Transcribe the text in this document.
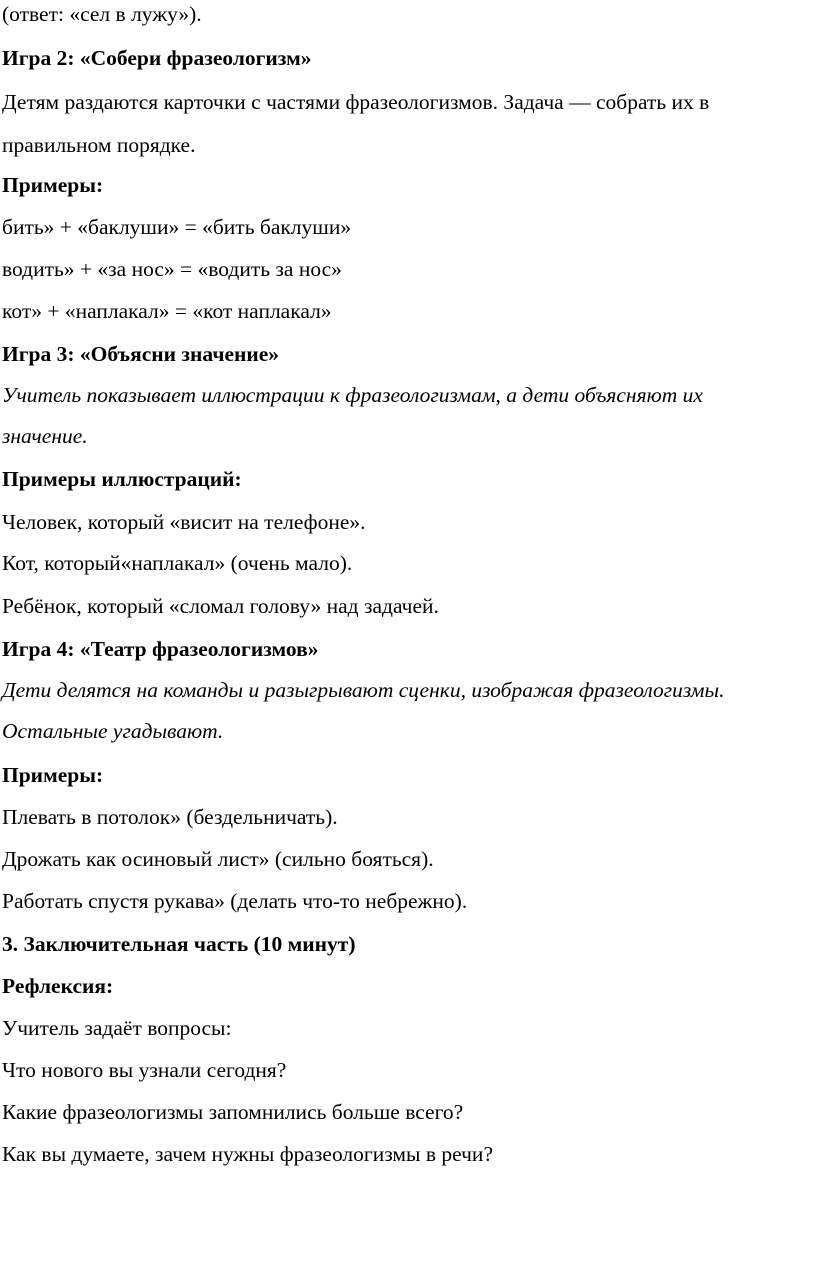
(ответ: «сел в лужу»).
Игра 2: «Собери фразеологизм»
Детям раздаются карточки с частями фразеологизмов. Задача — собрать их в
правильном порядке.
Примеры:
бить» + «баклуши» = «бить баклуши»
водить» + «за нос» = «водить за нос»
кот» + «наплакал» = «кот наплакал»
Игра 3: «Объясни значение»
Учитель показывает иллюстрации к фразеологизмам, а дети объясняют их
значение.
Примеры иллюстраций:
Человек, который «висит на телефоне».
Кот, который«наплакал» (очень мало).
Ребёнок, который «сломал голову» над задачей.
Игра 4: «Театр фразеологизмов»
Дети делятся на команды и разыгрывают сценки, изображая фразеологизмы.
Остальные угадывают.
Примеры:
Плевать в потолок» (бездельничать).
Дрожать как осиновый лист» (сильно бояться).
Работать спустя рукава» (делать что-то небрежно).
3. Заключительная часть (10 минут)
Рефлексия:
Учитель задаёт вопросы:
Что нового вы узнали сегодня?
Какие фразеологизмы запомнились больше всего?
Как вы думаете, зачем нужны фразеологизмы в речи?
